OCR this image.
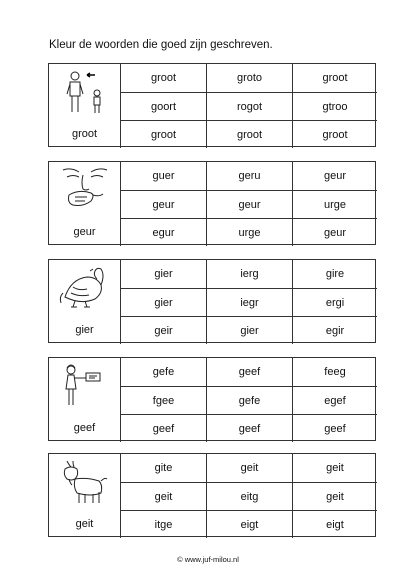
Kleur de woorden die goed zijn geschreven.
groot
groot	groto	groot
goort	rogot	gtroo
groot	groot	groot
geur
guer	geru	geur
geur	geur	urge
egur	urge	geur
gier
gier	ierg	gire
gier	iegr	ergi
geir	gier	egir
geef
gefe	geef	feeg
fgee	gefe	egef
geef	geef	geef
geit
gite	geit	geit
geit	eitg	geit
itge	eigt	eigt
© www.juf-milou.nl
